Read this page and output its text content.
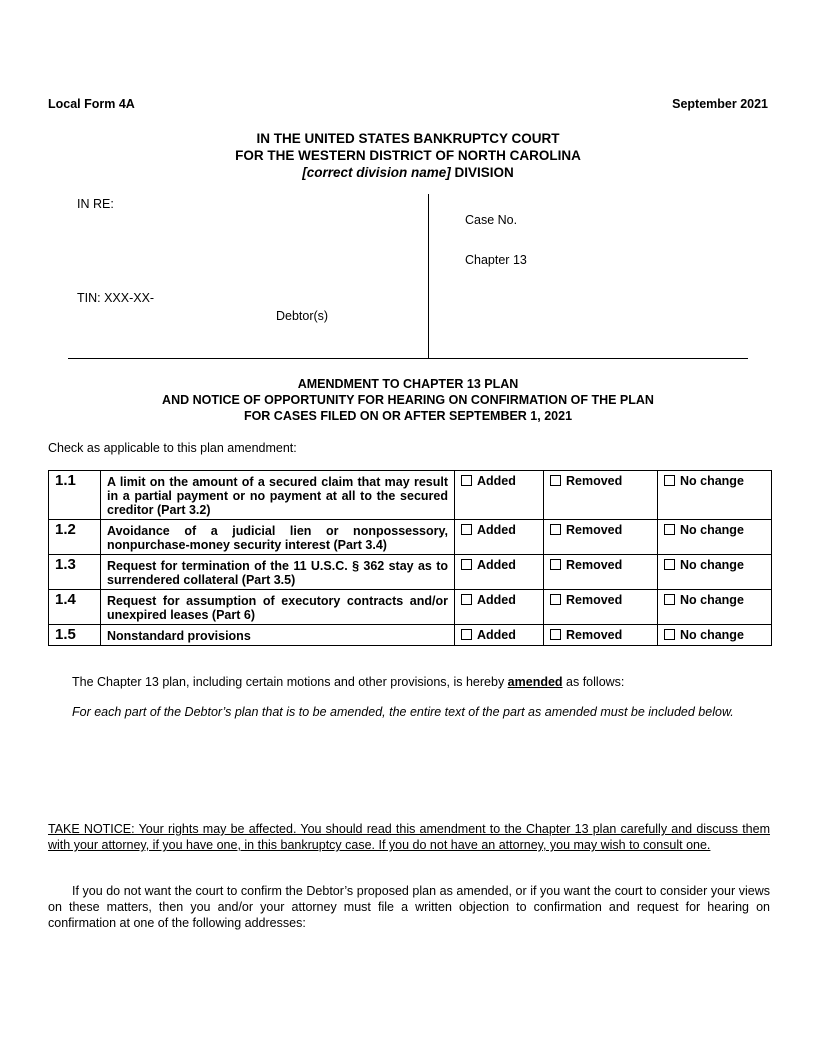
Local Form 4A	September 2021
IN THE UNITED STATES BANKRUPTCY COURT
FOR THE WESTERN DISTRICT OF NORTH CAROLINA
[correct division name] DIVISION
IN RE:
Case No.
Chapter 13
TIN: XXX-XX-
Debtor(s)
AMENDMENT TO CHAPTER 13 PLAN
AND NOTICE OF OPPORTUNITY FOR HEARING ON CONFIRMATION OF THE PLAN
FOR CASES FILED ON OR AFTER SEPTEMBER 1, 2021
Check as applicable to this plan amendment:
1.1	A limit on the amount of a secured claim that may result in a partial payment or no payment at all to the secured creditor (Part 3.2)	Added	Removed	No change
1.2	Avoidance of a judicial lien or nonpossessory, nonpurchase-money security interest (Part 3.4)	Added	Removed	No change
1.3	Request for termination of the 11 U.S.C. § 362 stay as to surrendered collateral (Part 3.5)	Added	Removed	No change
1.4	Request for assumption of executory contracts and/or unexpired leases (Part 6)	Added	Removed	No change
1.5	Nonstandard provisions	Added	Removed	No change
The Chapter 13 plan, including certain motions and other provisions, is hereby amended as follows:
For each part of the Debtor’s plan that is to be amended, the entire text of the part as amended must be included below.
TAKE NOTICE: Your rights may be affected. You should read this amendment to the Chapter 13 plan carefully and discuss them with your attorney, if you have one, in this bankruptcy case. If you do not have an attorney, you may wish to consult one.
If you do not want the court to confirm the Debtor’s proposed plan as amended, or if you want the court to consider your views on these matters, then you and/or your attorney must file a written objection to confirmation and request for hearing on confirmation at one of the following addresses:
